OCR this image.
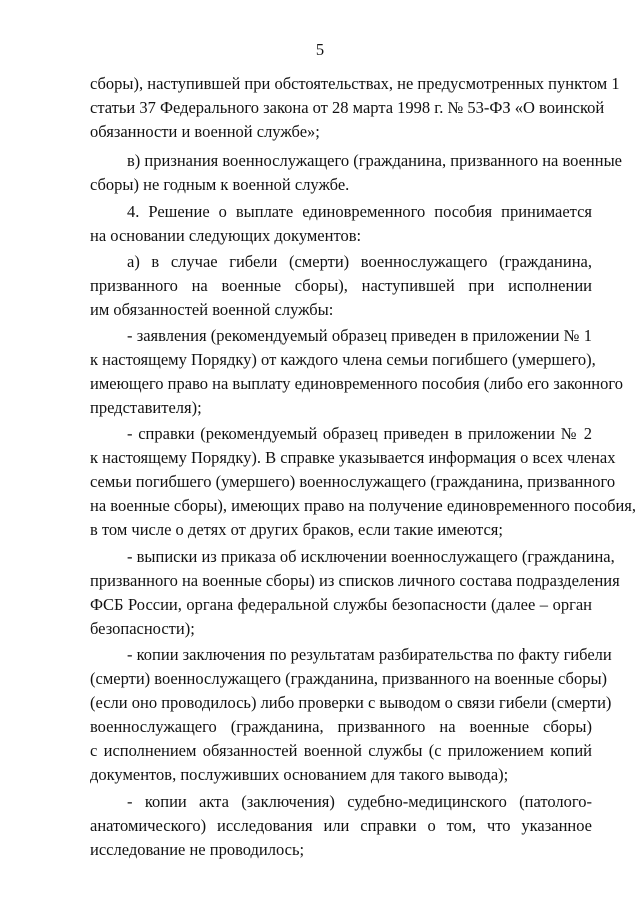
5
сборы), наступившей при обстоятельствах, не предусмотренных пунктом 1
статьи 37 Федерального закона от 28 марта 1998 г. № 53-ФЗ «О воинской
обязанности и военной службе»;
в) признания военнослужащего (гражданина, призванного на военные
сборы) не годным к военной службе.
4. Решение о выплате единовременного пособия принимается
на основании следующих документов:
а) в случае гибели (смерти) военнослужащего (гражданина,
призванного на военные сборы), наступившей при исполнении
им обязанностей военной службы:
- заявления (рекомендуемый образец приведен в приложении № 1
к настоящему Порядку) от каждого члена семьи погибшего (умершего),
имеющего право на выплату единовременного пособия (либо его законного
представителя);
- справки (рекомендуемый образец приведен в приложении № 2
к настоящему Порядку). В справке указывается информация о всех членах
семьи погибшего (умершего) военнослужащего (гражданина, призванного
на военные сборы), имеющих право на получение единовременного пособия,
в том числе о детях от других браков, если такие имеются;
- выписки из приказа об исключении военнослужащего (гражданина,
призванного на военные сборы) из списков личного состава подразделения
ФСБ России, органа федеральной службы безопасности (далее – орган
безопасности);
- копии заключения по результатам разбирательства по факту гибели
(смерти) военнослужащего (гражданина, призванного на военные сборы)
(если оно проводилось) либо проверки с выводом о связи гибели (смерти)
военнослужащего (гражданина, призванного на военные сборы)
с исполнением обязанностей военной службы (с приложением копий
документов, послуживших основанием для такого вывода);
- копии акта (заключения) судебно-медицинского (патолого-
анатомического) исследования или справки о том, что указанное
исследование не проводилось;
